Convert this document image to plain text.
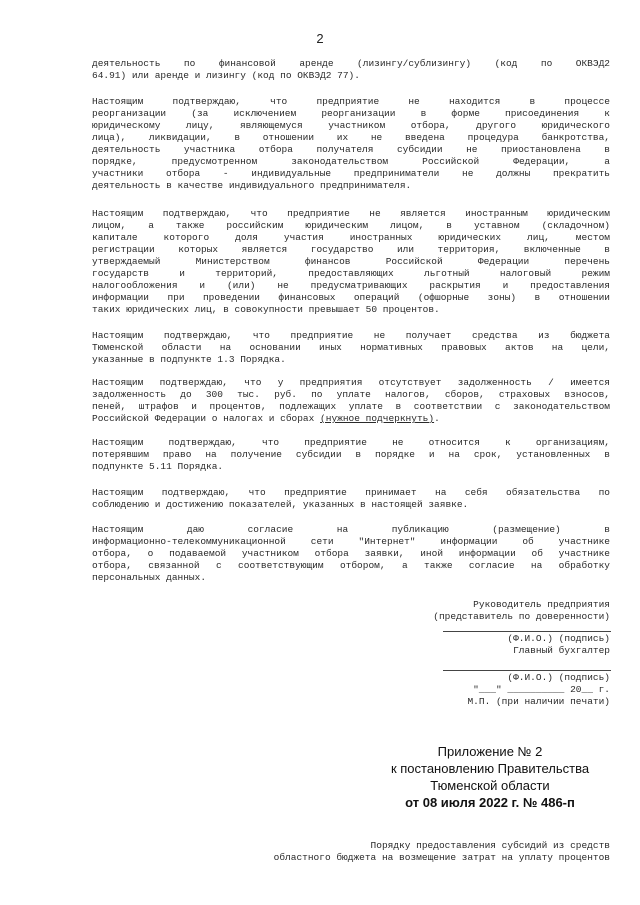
2
деятельность по финансовой аренде (лизингу/сублизингу) (код по ОКВЭД2
64.91) или аренде и лизингу (код по ОКВЭД2 77).
Настоящим подтверждаю, что предприятие не находится в процессе
реорганизации (за исключением реорганизации в форме присоединения к
юридическому лицу, являющемуся участником отбора, другого юридического
лица), ликвидации, в отношении их не введена процедура банкротства,
деятельность участника отбора получателя субсидии не приостановлена в
порядке, предусмотренном законодательством Российской Федерации, а
участники отбора - индивидуальные предприниматели не должны прекратить
деятельность в качестве индивидуального предпринимателя.
Настоящим подтверждаю, что предприятие не является иностранным юридическим
лицом, а также российским юридическим лицом, в уставном (складочном)
капитале которого доля участия иностранных юридических лиц, местом
регистрации которых является государство или территория, включенные в
утверждаемый Министерством финансов Российской Федерации перечень
государств и территорий, предоставляющих льготный налоговый режим
налогообложения и (или) не предусматривающих раскрытия и предоставления
информации при проведении финансовых операций (офшорные зоны) в отношении
таких юридических лиц, в совокупности превышает 50 процентов.
Настоящим подтверждаю, что предприятие не получает средства из бюджета
Тюменской области на основании иных нормативных правовых актов на цели,
указанные в подпункте 1.3 Порядка.
Настоящим подтверждаю, что у предприятия отсутствует задолженность / имеется
задолженность до 300 тыс. руб. по уплате налогов, сборов, страховых взносов,
пеней, штрафов и процентов, подлежащих уплате в соответствии с законодательством
Российской Федерации о налогах и сборах (нужное подчеркнуть).
Настоящим подтверждаю, что предприятие не относится к организациям,
потерявшим право на получение субсидии в порядке и на срок, установленных в
подпункте 5.11 Порядка.
Настоящим подтверждаю, что предприятие принимает на себя обязательства по
соблюдению и достижению показателей, указанных в настоящей заявке.
Настоящим даю согласие на публикацию (размещение) в
информационно-телекоммуникационной сети "Интернет" информации об участнике
отбора, о подаваемой участником отбора заявки, иной информации об участнике
отбора, связанной с соответствующим отбором, а также согласие на обработку
персональных данных.
Руководитель предприятия
(представитель по доверенности)
(Ф.И.О.) (подпись)
Главный бухгалтер
(Ф.И.О.) (подпись)
"___" __________ 20__ г.
М.П. (при наличии печати)
Приложение № 2
к постановлению Правительства
Тюменской области
от 08 июля 2022 г. № 486-п
Порядку предоставления субсидий из средств
областного бюджета на возмещение затрат на уплату процентов
